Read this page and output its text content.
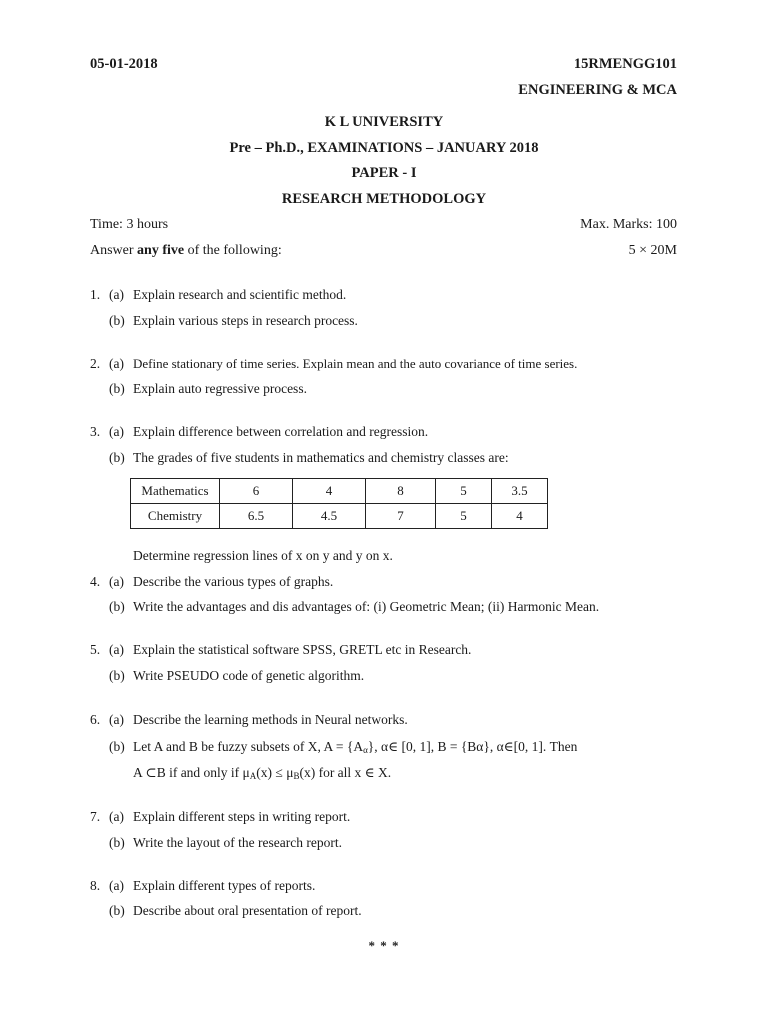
05-01-2018	15RMENGG101
ENGINEERING & MCA
K L UNIVERSITY
Pre – Ph.D., EXAMINATIONS – JANUARY 2018
PAPER - I
RESEARCH METHODOLOGY
Time: 3 hours	Max. Marks: 100
Answer any five of the following:	5 × 20M
1. (a) Explain research and scientific method.
(b) Explain various steps in research process.
2. (a) Define stationary of time series. Explain mean and the auto covariance of time series.
(b) Explain auto regressive process.
3. (a) Explain difference between correlation and regression.
(b) The grades of five students in mathematics and chemistry classes are:
Mathematics	6	4	8	5	3.5
Chemistry	6.5	4.5	7	5	4
Determine regression lines of x on y and y on x.
4. (a) Describe the various types of graphs.
(b) Write the advantages and dis advantages of: (i) Geometric Mean; (ii) Harmonic Mean.
5. (a) Explain the statistical software SPSS, GRETL etc in Research.
(b) Write PSEUDO code of genetic algorithm.
6. (a) Describe the learning methods in Neural networks.
(b) Let A and B be fuzzy subsets of X, $A = \{A_\alpha\}$, α∈ [0, 1], B = {Bα}, α∈[0, 1]. Then
A ⊂B if and only if $\mu_A(x) \le \mu_B(x)$ for all x ∈ X.
7. (a) Explain different steps in writing report.
(b) Write the layout of the research report.
8. (a) Explain different types of reports.
(b) Describe about oral presentation of report.
* * *
